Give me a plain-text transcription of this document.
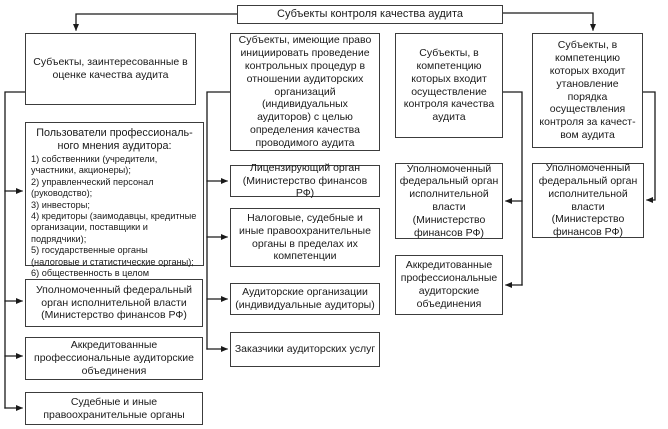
Субъекты контроля качества аудита
Субъекты, заинтересованные в оценке качества аудита
Пользователи профессиональ-ного мнения аудитора:
1) собственники (учредители, участники, акционеры);
2) управленческий персонал (руководство);
3) инвесторы;
4) кредиторы (заимодавцы, кредитные организации, поставщики и подрядчики);
5) государственные органы (налоговые и статистические органы);
6) общественность в целом
Уполномоченный федеральный орган исполнительной власти (Министерство финансов РФ)
Аккредитованные профессиональные аудиторские объединения
Судебные и иные правоохранительные органы
Субъекты, имеющие право инициировать проведение контрольных процедур в отношении аудиторских организаций (индивидуальных аудиторов) с целью определения качества проводимого аудита
Лицензирующий орган (Министерство финансов РФ)
Налоговые, судебные и иные правоохранительные органы в пределах их компетенции
Аудиторские организации (индивидуальные аудиторы)
Заказчики аудиторских услуг
Субъекты, в компетенцию которых входит осуществление контроля качества аудита
Уполномоченный федеральный орган исполнительной власти (Министерство финансов РФ)
Аккредитованные профессиональные аудиторские объединения
Субъекты, в компетенцию которых входит утановление порядка осуществления контроля за качест-вом аудита
Уполномоченный федеральный орган исполнительной власти (Министерство финансов РФ)
